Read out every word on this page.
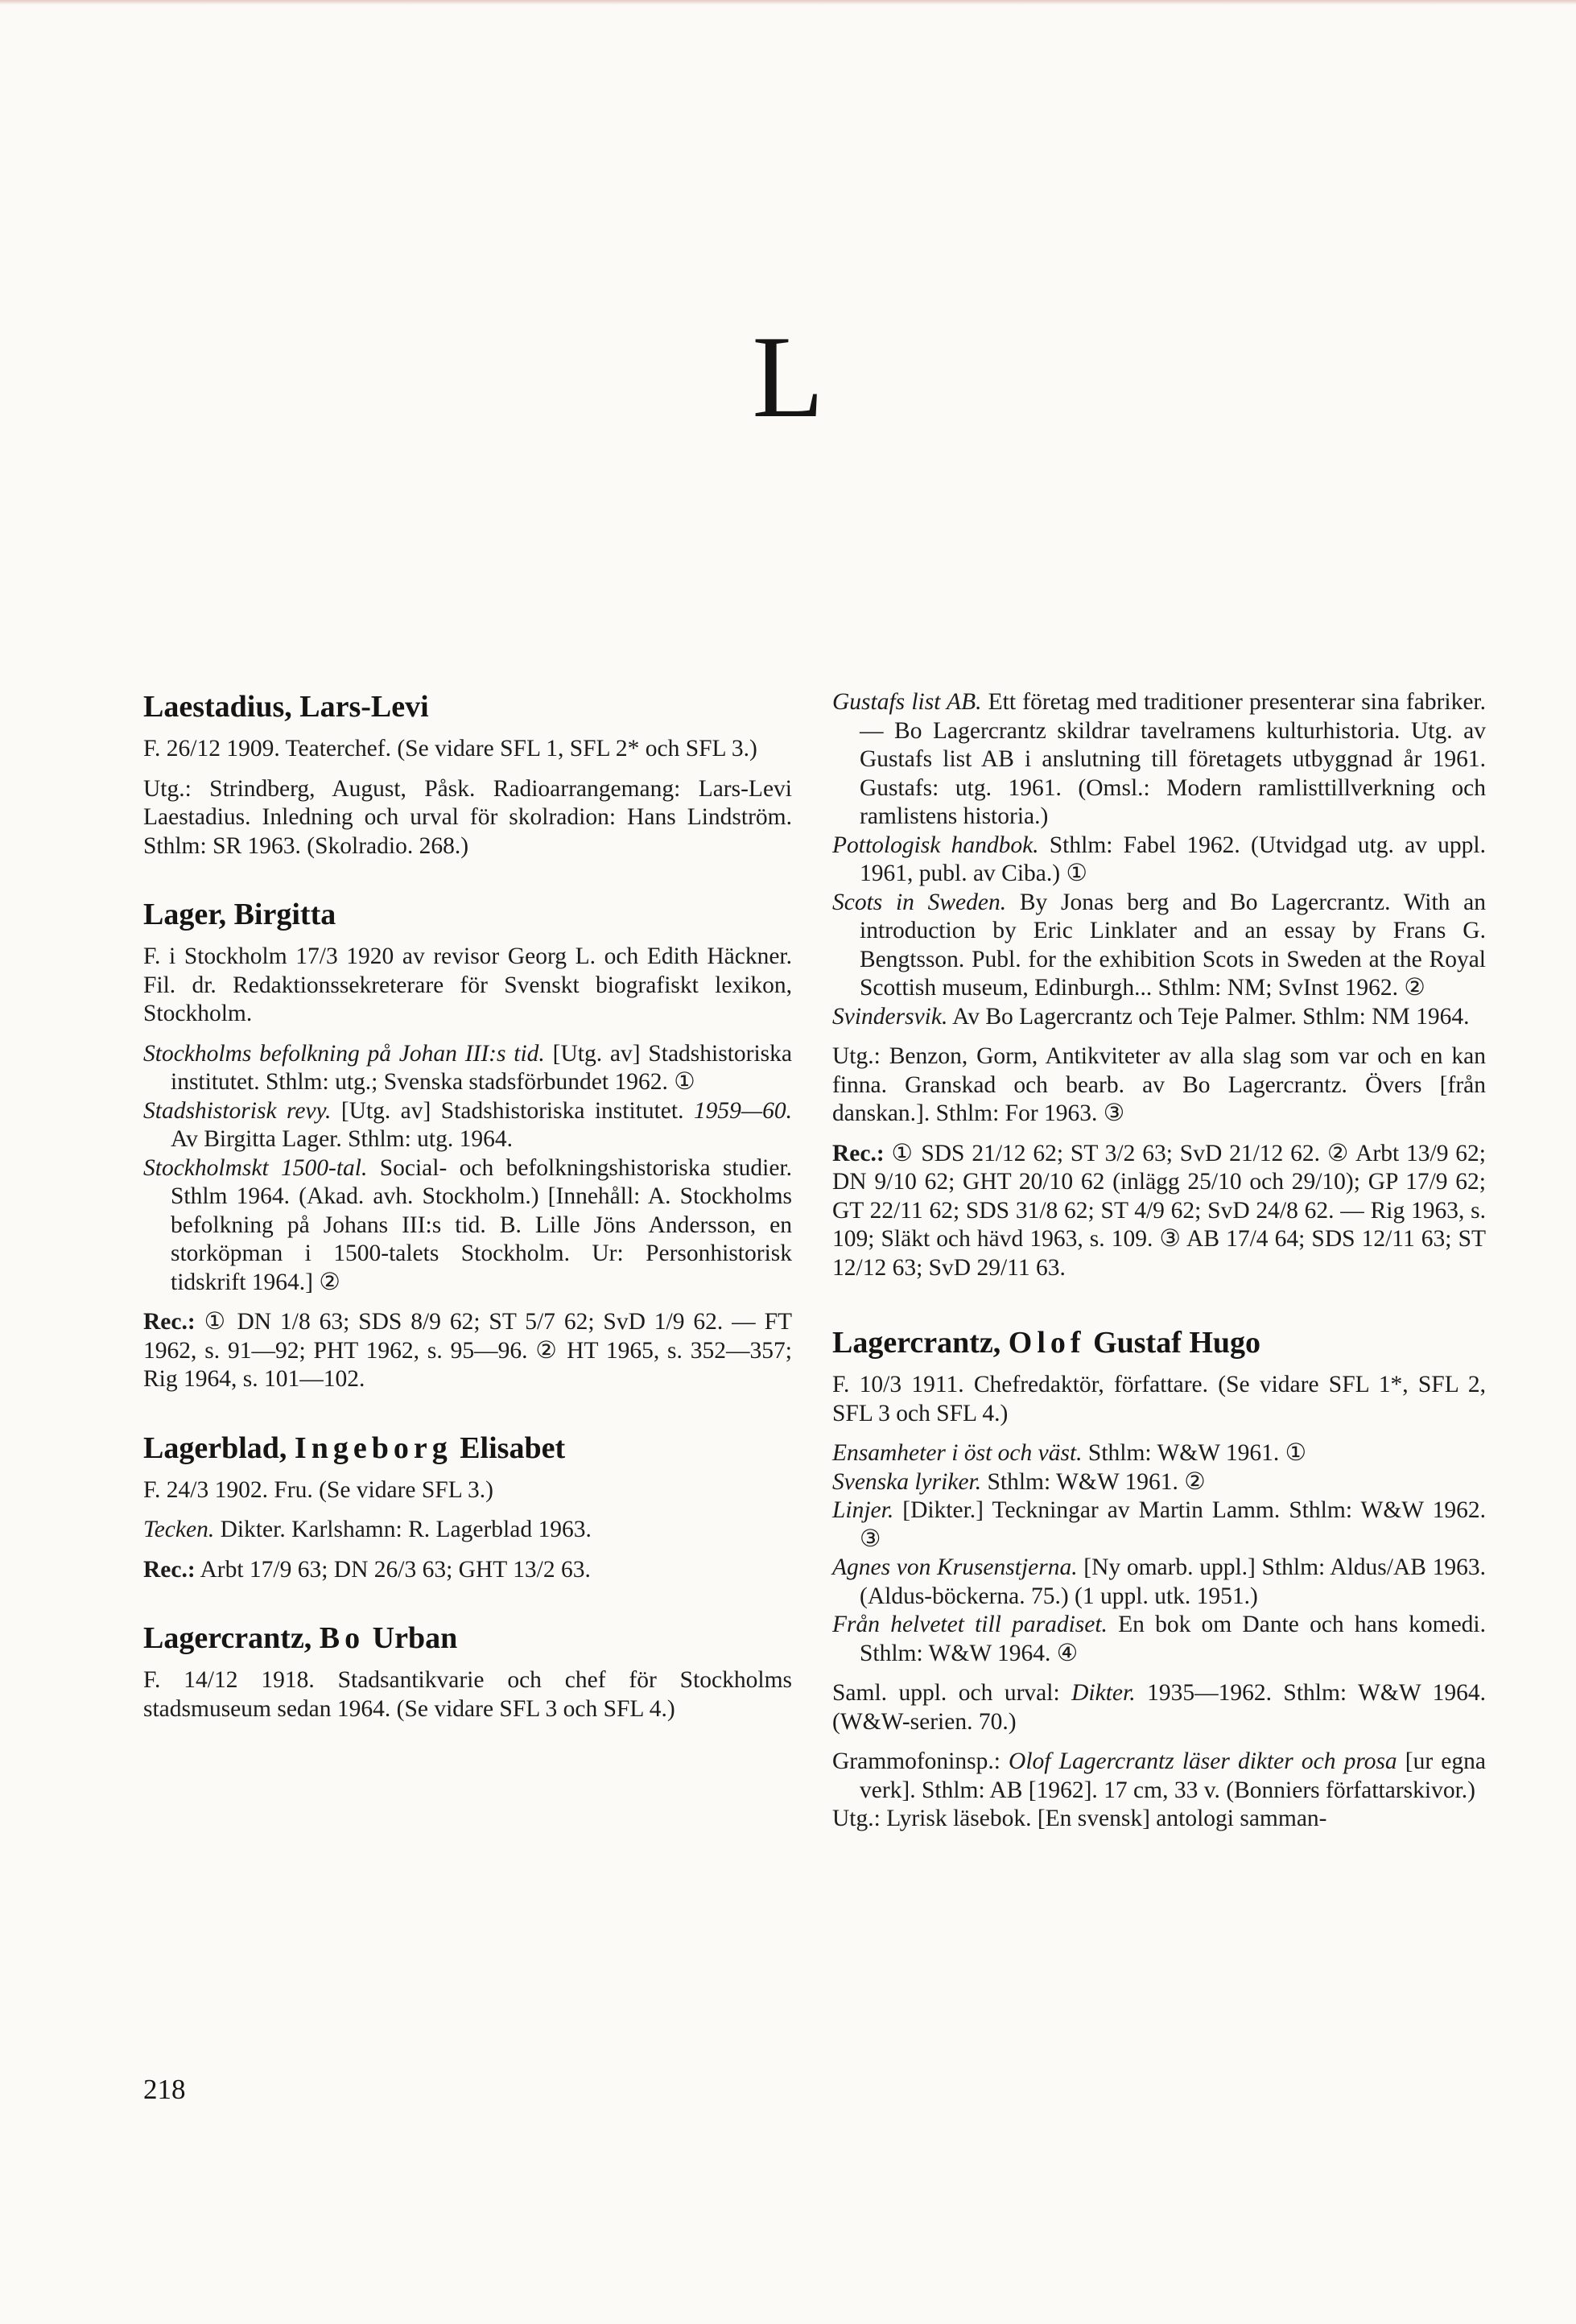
L
Laestadius, Lars-Levi

F. 26/12 1909. Teaterchef. (Se vidare SFL 1, SFL 2* och SFL 3.)

Utg.: Strindberg, August, Påsk. Radioarrangemang: Lars-Levi Laestadius. Inledning och urval för skolradion: Hans Lindström. Sthlm: SR 1963. (Skolradio. 268.)

Lager, Birgitta

F. i Stockholm 17/3 1920 av revisor Georg L. och Edith Häckner. Fil. dr. Redaktionssekreterare för Svenskt biografiskt lexikon, Stockholm.

Stockholms befolkning på Johan III:s tid. [Utg. av] Stadshistoriska institutet. Sthlm: utg.; Svenska stadsförbundet 1962. ①

Stadshistorisk revy. [Utg. av] Stadshistoriska institutet. 1959—60. Av Birgitta Lager. Sthlm: utg. 1964.

Stockholmskt 1500-tal. Social- och befolkningshistoriska studier. Sthlm 1964. (Akad. avh. Stockholm.) [Innehåll: A. Stockholms befolkning på Johans III:s tid. B. Lille Jöns Andersson, en storköpman i 1500-talets Stockholm. Ur: Personhistorisk tidskrift 1964.] ②

Rec.: ① DN 1/8 63; SDS 8/9 62; ST 5/7 62; SvD 1/9 62. — FT 1962, s. 91—92; PHT 1962, s. 95—96. ② HT 1965, s. 352—357; Rig 1964, s. 101—102.

Lagerblad, Ingeborg Elisabet

F. 24/3 1902. Fru. (Se vidare SFL 3.)

Tecken. Dikter. Karlshamn: R. Lagerblad 1963.

Rec.: Arbt 17/9 63; DN 26/3 63; GHT 13/2 63.

Lagercrantz, Bo Urban

F. 14/12 1918. Stadsantikvarie och chef för Stockholms stadsmuseum sedan 1964. (Se vidare SFL 3 och SFL 4.)

Gustafs list AB. Ett företag med traditioner presenterar sina fabriker. — Bo Lagercrantz skildrar tavelramens kulturhistoria. Utg. av Gustafs list AB i anslutning till företagets utbyggnad år 1961. Gustafs: utg. 1961. (Omsl.: Modern ramlisttillverkning och ramlistens historia.)

Pottologisk handbok. Sthlm: Fabel 1962. (Utvidgad utg. av uppl. 1961, publ. av Ciba.) ①

Scots in Sweden. By Jonas berg and Bo Lagercrantz. With an introduction by Eric Linklater and an essay by Frans G. Bengtsson. Publ. for the exhibition Scots in Sweden at the Royal Scottish museum, Edinburgh... Sthlm: NM; SvInst 1962. ②

Svindersvik. Av Bo Lagercrantz och Teje Palmer. Sthlm: NM 1964.

Utg.: Benzon, Gorm, Antikviteter av alla slag som var och en kan finna. Granskad och bearb. av Bo Lagercrantz. Övers [från danskan.]. Sthlm: For 1963. ③

Rec.: ① SDS 21/12 62; ST 3/2 63; SvD 21/12 62. ② Arbt 13/9 62; DN 9/10 62; GHT 20/10 62 (inlägg 25/10 och 29/10); GP 17/9 62; GT 22/11 62; SDS 31/8 62; ST 4/9 62; SvD 24/8 62. — Rig 1963, s. 109; Släkt och hävd 1963, s. 109. ③ AB 17/4 64; SDS 12/11 63; ST 12/12 63; SvD 29/11 63.

Lagercrantz, Olof Gustaf Hugo

F. 10/3 1911. Chefredaktör, författare. (Se vidare SFL 1*, SFL 2, SFL 3 och SFL 4.)

Ensamheter i öst och väst. Sthlm: W&W 1961. ①

Svenska lyriker. Sthlm: W&W 1961. ②

Linjer. [Dikter.] Teckningar av Martin Lamm. Sthlm: W&W 1962. ③

Agnes von Krusenstjerna. [Ny omarb. uppl.] Sthlm: Aldus/AB 1963. (Aldus-böckerna. 75.) (1 uppl. utk. 1951.)

Från helvetet till paradiset. En bok om Dante och hans komedi. Sthlm: W&W 1964. ④

Saml. uppl. och urval: Dikter. 1935—1962. Sthlm: W&W 1964. (W&W-serien. 70.)

Grammofoninsp.: Olof Lagercrantz läser dikter och prosa [ur egna verk]. Sthlm: AB [1962]. 17 cm, 33 v. (Bonniers författarskivor.)

Utg.: Lyrisk läsebok. [En svensk] antologi samman-

218
